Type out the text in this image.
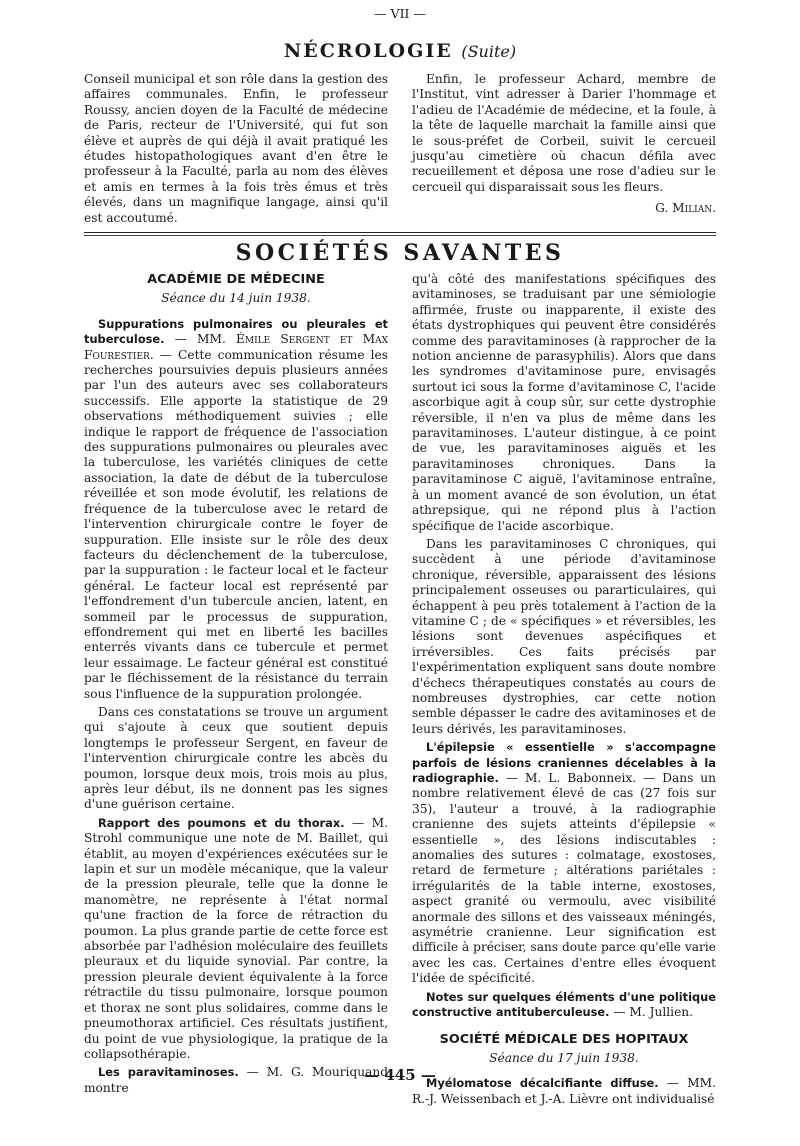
— VII —
NÉCROLOGIE (Suite)

Conseil municipal et son rôle dans la gestion des affaires communales. Enfin, le professeur Roussy, ancien doyen de la Faculté de médecine de Paris, recteur de l'Université, qui fut son élève et auprès de qui déjà il avait pratiqué les études histopathologiques avant d'en être le professeur à la Faculté, parla au nom des élèves et amis en termes à la fois très émus et très élevés, dans un magnifique langage, ainsi qu'il est accoutumé.

Enfin, le professeur Achard, membre de l'Institut, vint adresser à Darier l'hommage et l'adieu de l'Académie de médecine, et la foule, à la tête de laquelle marchait la famille ainsi que le sous-préfet de Corbeil, suivit le cercueil jusqu'au cimetière où chacun défila avec recueillement et déposa une rose d'adieu sur le cercueil qui disparaissait sous les fleurs.

G. Milian.
SOCIÉTÉS SAVANTES
ACADÉMIE DE MÉDECINE
Séance du 14 juin 1938.

Suppurations pulmonaires ou pleurales et tuberculose. — MM. Émile Sergent et Max Fourestier. — Cette communication résume les recherches poursuivies depuis plusieurs années par l'un des auteurs avec ses collaborateurs successifs. Elle apporte la statistique de 29 observations méthodiquement suivies ; elle indique le rapport de fréquence de l'association des suppurations pulmonaires ou pleurales avec la tuberculose, les variétés cliniques de cette association, la date de début de la tuberculose réveillée et son mode évolutif, les relations de fréquence de la tuberculose avec le retard de l'intervention chirurgicale contre le foyer de suppuration. Elle insiste sur le rôle des deux facteurs du déclenchement de la tuberculose, par la suppuration : le facteur local et le facteur général. Le facteur local est représenté par l'effondrement d'un tubercule ancien, latent, en sommeil par le processus de suppuration, effondrement qui met en liberté les bacilles enterrés vivants dans ce tubercule et permet leur essaimage. Le facteur général est constitué par le fléchissement de la résistance du terrain sous l'influence de la suppuration prolongée.

Dans ces constatations se trouve un argument qui s'ajoute à ceux que soutient depuis longtemps le professeur Sergent, en faveur de l'intervention chirurgicale contre les abcès du poumon, lorsque deux mois, trois mois au plus, après leur début, ils ne donnent pas les signes d'une guérison certaine.

Rapport des poumons et du thorax. — M. Strohl communique une note de M. Baillet, qui établit, au moyen d'expériences exécutées sur le lapin et sur un modèle mécanique, que la valeur de la pression pleurale, telle que la donne le manomètre, ne représente à l'état normal qu'une fraction de la force de rétraction du poumon. La plus grande partie de cette force est absorbée par l'adhésion moléculaire des feuillets pleuraux et du liquide synovial. Par contre, la pression pleurale devient équivalente à la force rétractile du tissu pulmonaire, lorsque poumon et thorax ne sont plus solidaires, comme dans le pneumothorax artificiel. Ces résultats justifient, du point de vue physiologique, la pratique de la collapsothérapie.

Les paravitaminoses. — M. G. Mouriquand montre

qu'à côté des manifestations spécifiques des avitaminoses, se traduisant par une sémiologie affirmée, fruste ou inapparente, il existe des états dystrophiques qui peuvent être considérés comme des paravitaminoses (à rapprocher de la notion ancienne de parasyphilis). Alors que dans les syndromes d'avitaminose pure, envisagés surtout ici sous la forme d'avitaminose C, l'acide ascorbique agit à coup sûr, sur cette dystrophie réversible, il n'en va plus de même dans les paravitaminoses. L'auteur distingue, à ce point de vue, les paravitaminoses aiguës et les paravitaminoses chroniques. Dans la paravitaminose C aiguë, l'avitaminose entraîne, à un moment avancé de son évolution, un état athrepsique, qui ne répond plus à l'action spécifique de l'acide ascorbique.

Dans les paravitaminoses C chroniques, qui succèdent à une période d'avitaminose chronique, réversible, apparaissent des lésions principalement osseuses ou pararticulaires, qui échappent à peu près totalement à l'action de la vitamine C ; de « spécifiques » et réversibles, les lésions sont devenues aspécifiques et irréversibles. Ces faits précisés par l'expérimentation expliquent sans doute nombre d'échecs thérapeutiques constatés au cours de nombreuses dystrophies, car cette notion semble dépasser le cadre des avitaminoses et de leurs dérivés, les paravitaminoses.

L'épilepsie « essentielle » s'accompagne parfois de lésions craniennes décelables à la radiographie. — M. L. Babonneix. — Dans un nombre relativement élevé de cas (27 fois sur 35), l'auteur a trouvé, à la radiographie cranienne des sujets atteints d'épilepsie « essentielle », des lésions indiscutables : anomalies des sutures : colmatage, exostoses, retard de fermeture ; altérations pariétales : irrégularités de la table interne, exostoses, aspect granité ou vermoulu, avec visibilité anormale des sillons et des vaisseaux méningés, asymétrie cranienne. Leur signification est difficile à préciser, sans doute parce qu'elle varie avec les cas. Certaines d'entre elles évoquent l'idée de spécificité.

Notes sur quelques éléments d'une politique constructive antituberculeuse. — M. Jullien.

SOCIÉTÉ MÉDICALE DES HOPITAUX
Séance du 17 juin 1938.

Myélomatose décalcifiante diffuse. — MM. R.-J. Weissenbach et J.-A. Lièvre ont individualisé

— 445 —
